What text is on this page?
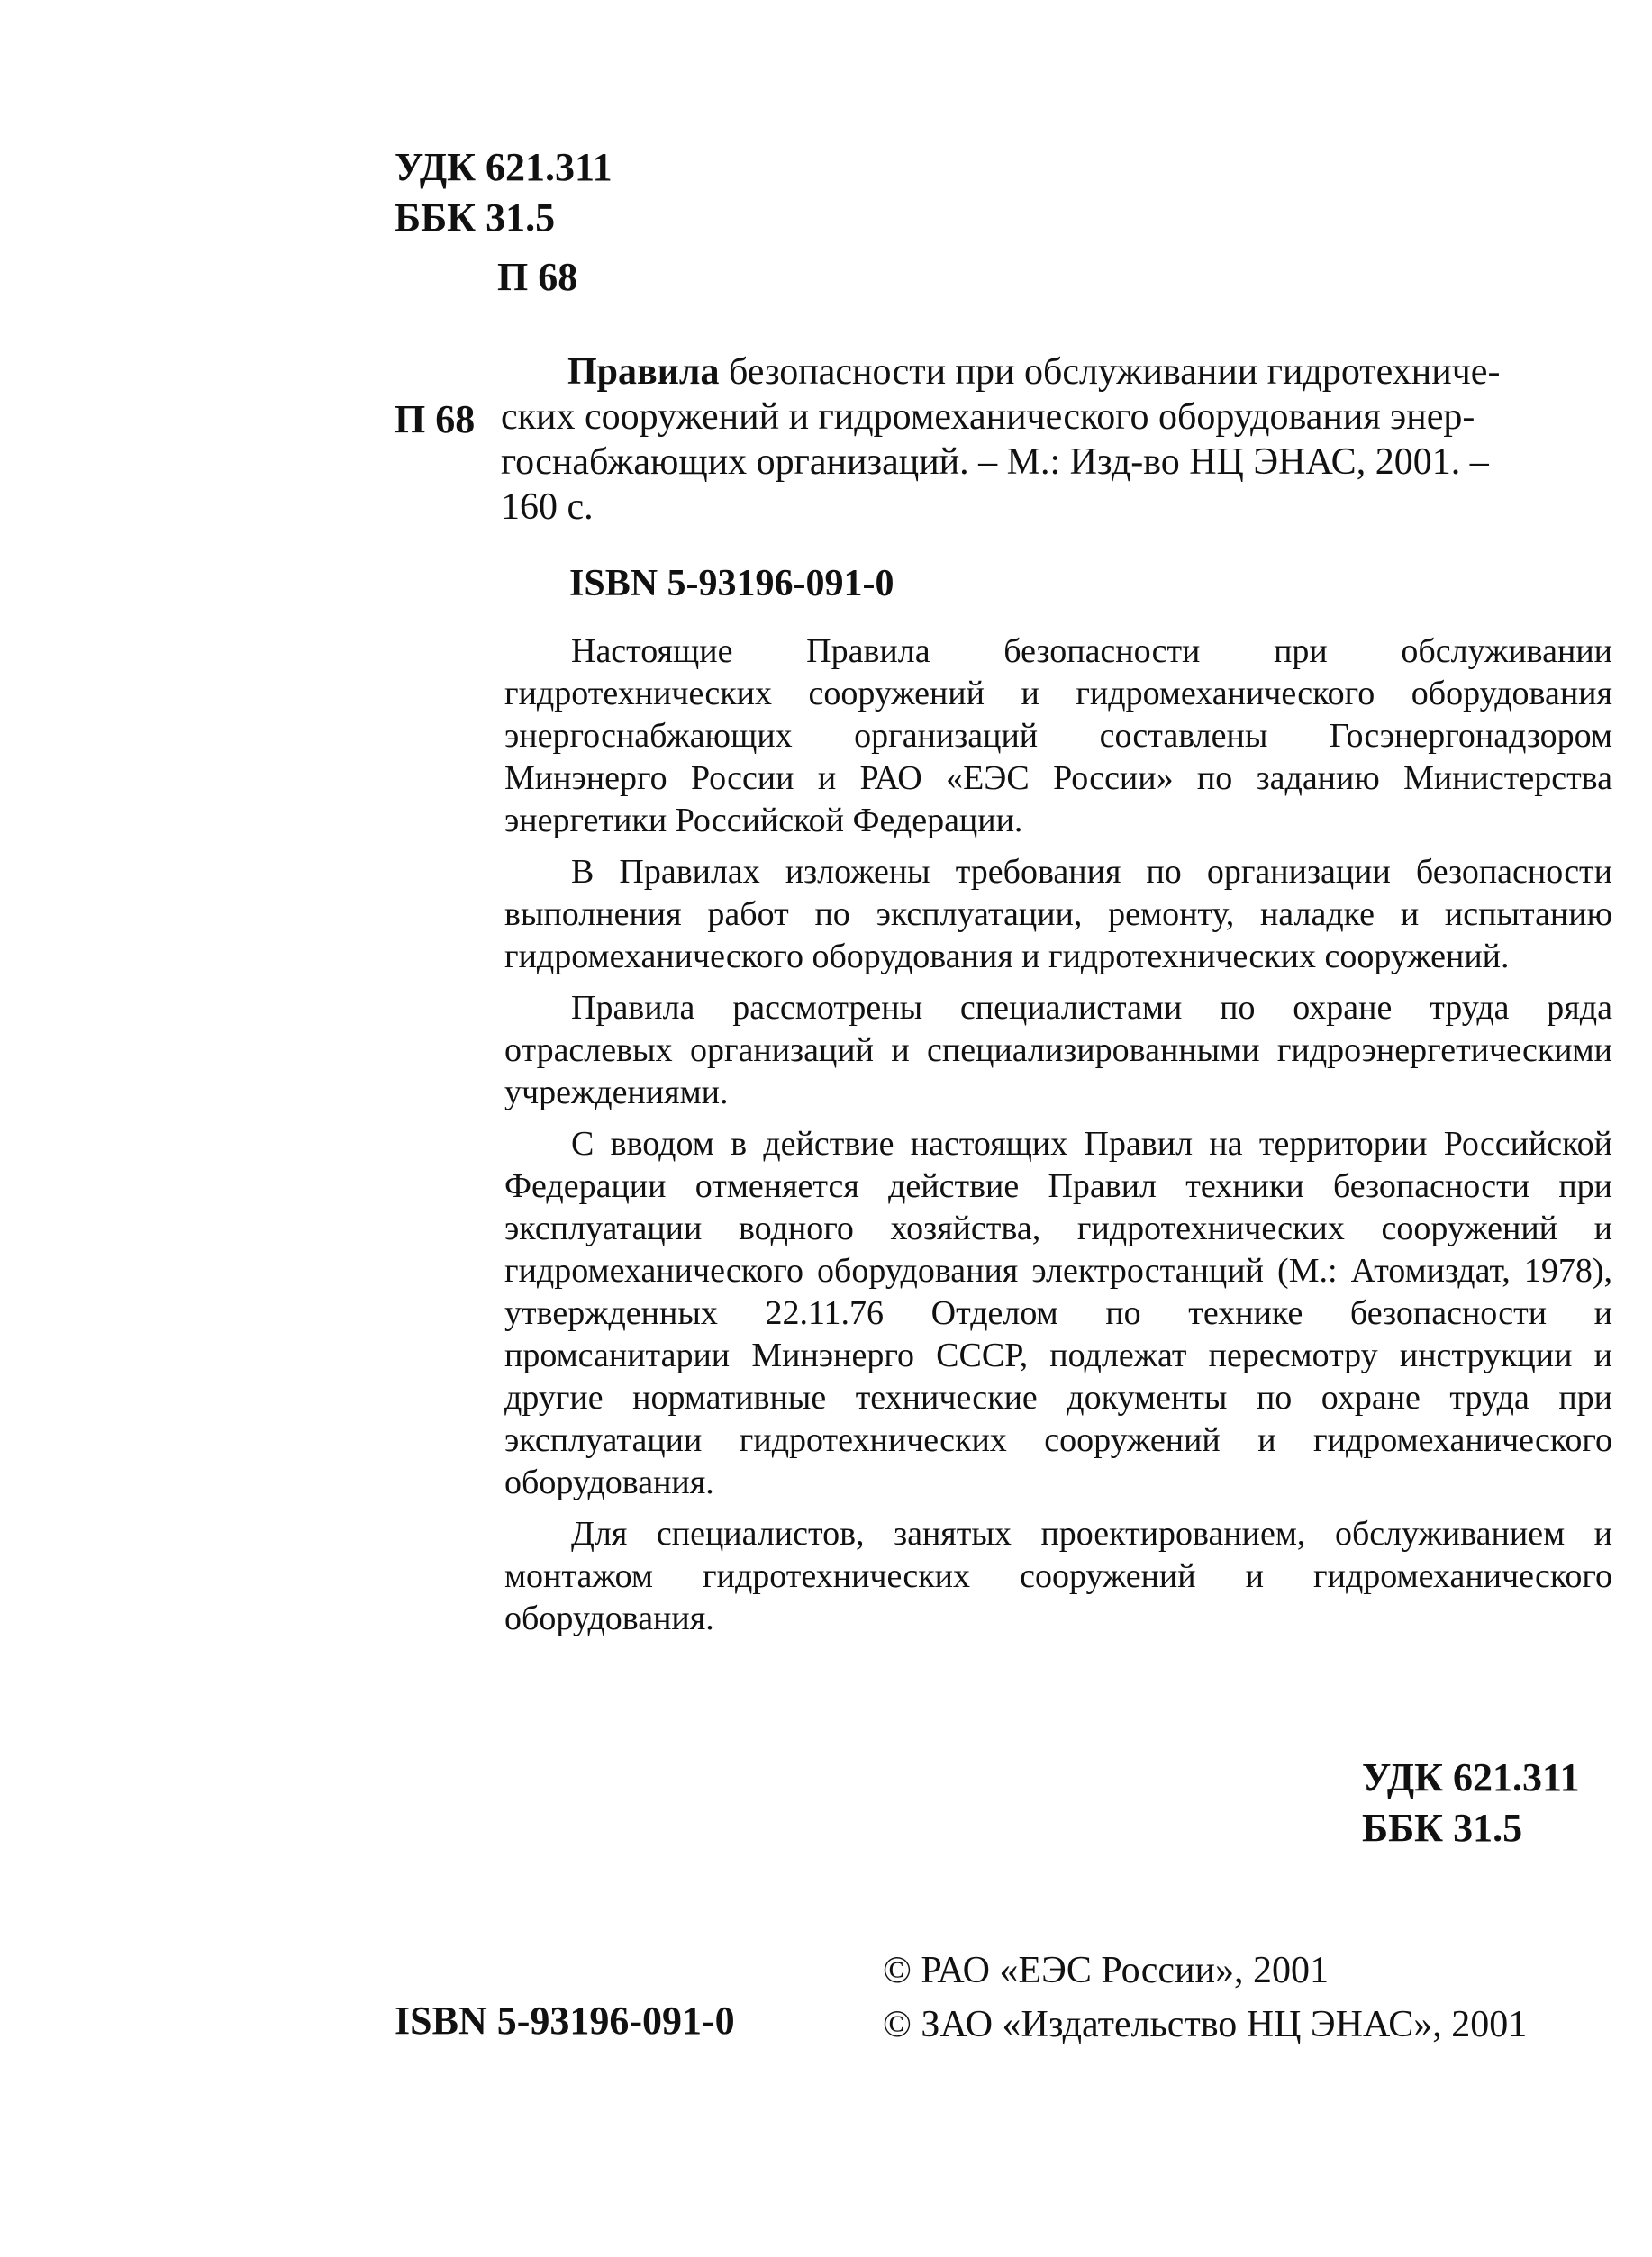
УДК 621.311
ББК 31.5
П 68
П 68
Правила безопасности при обслуживании гидротехниче-
ских сооружений и гидромеханического оборудования энер-
госнабжающих организаций. – М.: Изд-во НЦ ЭНАС, 2001. –
160 с.
ISBN 5-93196-091-0

Настоящие Правила безопасности при обслуживании гидротехнических сооружений и гидромеханического оборудования энергоснабжающих организаций составлены Госэнергонадзором Минэнерго России и РАО «ЕЭС России» по заданию Министерства энергетики Российской Федерации.

В Правилах изложены требования по организации безопасности выполнения работ по эксплуатации, ремонту, наладке и испытанию гидромеханического оборудования и гидротехнических сооружений.

Правила рассмотрены специалистами по охране труда ряда отраслевых организаций и специализированными гидроэнергетическими учреждениями.

С вводом в действие настоящих Правил на территории Российской Федерации отменяется действие Правил техники безопасности при эксплуатации водного хозяйства, гидротехнических сооружений и гидромеханического оборудования электростанций (М.: Атомиздат, 1978), утвержденных 22.11.76 Отделом по технике безопасности и промсанитарии Минэнерго СССР, подлежат пересмотру инструкции и другие нормативные технические документы по охране труда при эксплуатации гидротехнических сооружений и гидромеханического оборудования.

Для специалистов, занятых проектированием, обслуживанием и монтажом гидротехнических сооружений и гидромеханического оборудования.

УДК 621.311
ББК 31.5
© РАО «ЕЭС России», 2001
© ЗАО «Издательство НЦ ЭНАС», 2001
ISBN 5-93196-091-0
